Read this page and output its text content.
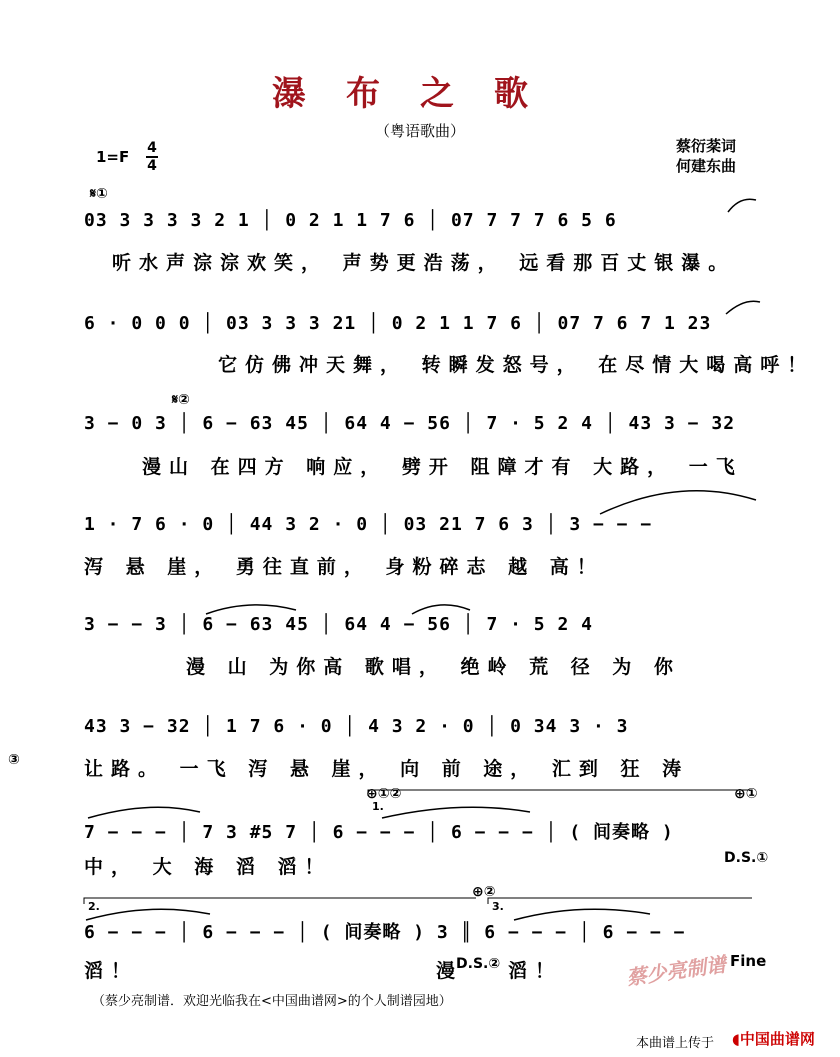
瀑布之歌
（粤语歌曲）
1=F 4
4
蔡衍棻词
何建东曲
𝄋①
𝄋②
③
⊕①②	⊕①
D.S.①
⊕②
D.S.②	Fine
1.
2.	3.
03 3 3 3 3 2 1 │ 0 2 1 1 7 6 │ 07 7 7 7 6 5 6
听水声淙淙欢笑， 声势更浩荡， 远看那百丈银瀑。
6 · 0 0 0 │ 03 3 3 3 21 │ 0 2 1 1 7 6 │ 07 7 6 7 1 23
它仿佛冲天舞， 转瞬发怒号， 在尽情大喝高呼！
3 − 0 3 │ 6 − 63 45 │ 64 4 − 56 │ 7 · 5 2 4 │ 43 3 − 32
漫山 在四方 响应， 劈开 阻障才有 大路， 一飞
1 · 7 6 · 0 │ 44 3 2 · 0 │ 03 21 7 6 3 │ 3 − − −
泻 悬 崖， 勇往直前， 身粉碎志 越 高！
3 − − 3 │ 6 − 63 45 │ 64 4 − 56 │ 7 · 5 2 4
漫 山 为你高 歌唱， 绝岭 荒 径 为 你
43 3 − 32 │ 1 7 6 · 0 │ 4 3 2 · 0 │ 0 34 3 · 3
让路。 一飞 泻 悬 崖， 向 前 途， 汇到 狂 涛
7 − − − │ 7 3 #5 7 │ 6 − − − │ 6 − − − │ ( 间奏略 )
中， 大 海 滔 滔！
6 − − − │ 6 − − − │ ( 间奏略 ) 3 ║ 6 − − − │ 6 − − −
滔！	漫 滔！
（蔡少亮制谱．欢迎光临我在<中国曲谱网>的个人制谱园地）
蔡少亮制谱
本曲谱上传于 ◖中国曲谱网
